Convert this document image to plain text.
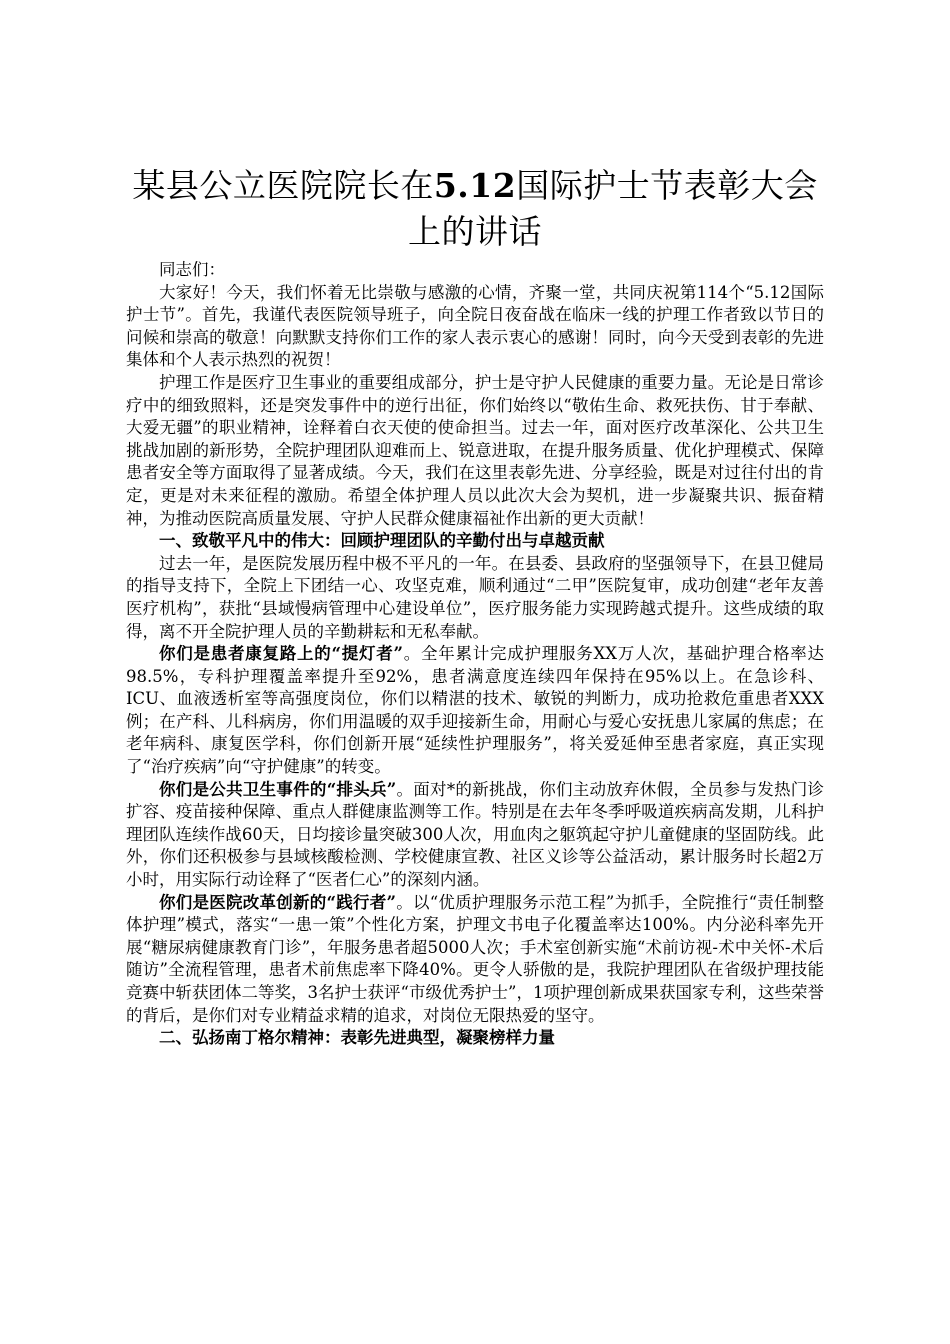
某县公立医院院长在5.12国际护士节表彰大会上的讲话

同志们：

大家好！今天，我们怀着无比崇敬与感激的心情，齐聚一堂，共同庆祝第114个“5.12国际护士节”。首先，我谨代表医院领导班子，向全院日夜奋战在临床一线的护理工作者致以节日的问候和崇高的敬意！向默默支持你们工作的家人表示衷心的感谢！同时，向今天受到表彰的先进集体和个人表示热烈的祝贺！

护理工作是医疗卫生事业的重要组成部分，护士是守护人民健康的重要力量。无论是日常诊疗中的细致照料，还是突发事件中的逆行出征，你们始终以“敬佑生命、救死扶伤、甘于奉献、大爱无疆”的职业精神，诠释着白衣天使的使命担当。过去一年，面对医疗改革深化、公共卫生挑战加剧的新形势，全院护理团队迎难而上、锐意进取，在提升服务质量、优化护理模式、保障患者安全等方面取得了显著成绩。今天，我们在这里表彰先进、分享经验，既是对过往付出的肯定，更是对未来征程的激励。希望全体护理人员以此次大会为契机，进一步凝聚共识、振奋精神，为推动医院高质量发展、守护人民群众健康福祉作出新的更大贡献！

一、致敬平凡中的伟大：回顾护理团队的辛勤付出与卓越贡献

过去一年，是医院发展历程中极不平凡的一年。在县委、县政府的坚强领导下，在县卫健局的指导支持下，全院上下团结一心、攻坚克难，顺利通过“二甲”医院复审，成功创建“老年友善医疗机构”，获批“县域慢病管理中心建设单位”，医疗服务能力实现跨越式提升。这些成绩的取得，离不开全院护理人员的辛勤耕耘和无私奉献。

你们是患者康复路上的“提灯者”。全年累计完成护理服务XX万人次，基础护理合格率达98.5%，专科护理覆盖率提升至92%，患者满意度连续四年保持在95%以上。在急诊科、ICU、血液透析室等高强度岗位，你们以精湛的技术、敏锐的判断力，成功抢救危重患者XXX例；在产科、儿科病房，你们用温暖的双手迎接新生命，用耐心与爱心安抚患儿家属的焦虑；在老年病科、康复医学科，你们创新开展“延续性护理服务”，将关爱延伸至患者家庭，真正实现了“治疗疾病”向“守护健康”的转变。

你们是公共卫生事件的“排头兵”。面对*的新挑战，你们主动放弃休假，全员参与发热门诊扩容、疫苗接种保障、重点人群健康监测等工作。特别是在去年冬季呼吸道疾病高发期，儿科护理团队连续作战60天，日均接诊量突破300人次，用血肉之躯筑起守护儿童健康的坚固防线。此外，你们还积极参与县域核酸检测、学校健康宣教、社区义诊等公益活动，累计服务时长超2万小时，用实际行动诠释了“医者仁心”的深刻内涵。

你们是医院改革创新的“践行者”。以“优质护理服务示范工程”为抓手，全院推行“责任制整体护理”模式，落实“一患一策”个性化方案，护理文书电子化覆盖率达100%。内分泌科率先开展“糖尿病健康教育门诊”，年服务患者超5000人次；手术室创新实施“术前访视-术中关怀-术后随访”全流程管理，患者术前焦虑率下降40%。更令人骄傲的是，我院护理团队在省级护理技能竞赛中斩获团体二等奖，3名护士获评“市级优秀护士”，1项护理创新成果获国家专利，这些荣誉的背后，是你们对专业精益求精的追求，对岗位无限热爱的坚守。

二、弘扬南丁格尔精神：表彰先进典型，凝聚榜样力量
